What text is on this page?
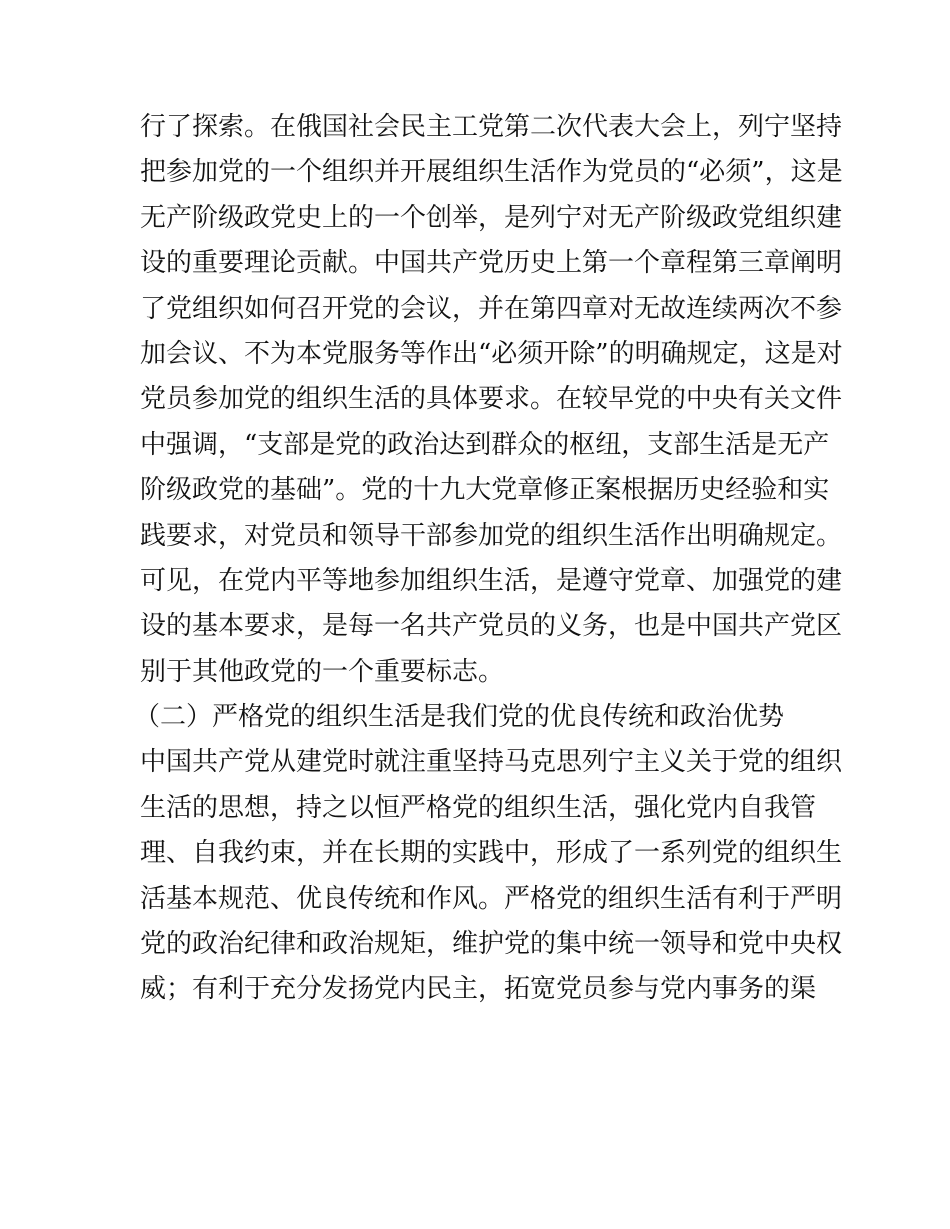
行了探索。在俄国社会民主工党第二次代表大会上，列宁坚持
把参加党的一个组织并开展组织生活作为党员的“必须”，这是
无产阶级政党史上的一个创举，是列宁对无产阶级政党组织建
设的重要理论贡献。中国共产党历史上第一个章程第三章阐明
了党组织如何召开党的会议，并在第四章对无故连续两次不参
加会议、不为本党服务等作出“必须开除”的明确规定，这是对
党员参加党的组织生活的具体要求。在较早党的中央有关文件
中强调，“支部是党的政治达到群众的枢纽，支部生活是无产
阶级政党的基础”。党的十九大党章修正案根据历史经验和实
践要求，对党员和领导干部参加党的组织生活作出明确规定。
可见，在党内平等地参加组织生活，是遵守党章、加强党的建
设的基本要求，是每一名共产党员的义务，也是中国共产党区
别于其他政党的一个重要标志。
（二）严格党的组织生活是我们党的优良传统和政治优势
中国共产党从建党时就注重坚持马克思列宁主义关于党的组织
生活的思想，持之以恒严格党的组织生活，强化党内自我管
理、自我约束，并在长期的实践中，形成了一系列党的组织生
活基本规范、优良传统和作风。严格党的组织生活有利于严明
党的政治纪律和政治规矩，维护党的集中统一领导和党中央权
威；有利于充分发扬党内民主，拓宽党员参与党内事务的渠
